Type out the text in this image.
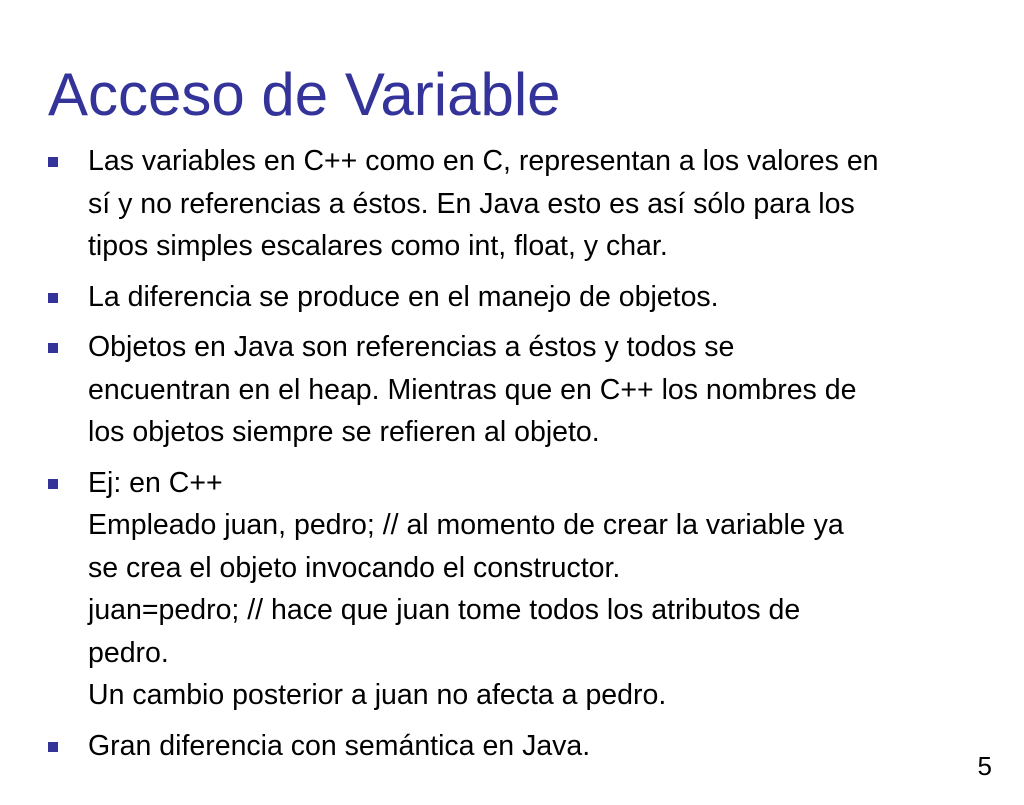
Acceso de Variable
Las variables en C++ como en C, representan a los valores en
sí y no referencias a éstos. En Java esto es así sólo para los
tipos simples escalares como int, float, y char.
La diferencia se produce en el manejo de objetos.
Objetos en Java son referencias a éstos y todos se
encuentran en el heap. Mientras que en C++ los nombres de
los objetos siempre se refieren al objeto.
Ej: en C++
Empleado juan, pedro; // al momento de crear la variable ya
se crea el objeto invocando el constructor.
juan=pedro; // hace que juan tome todos los atributos de
pedro.
Un cambio posterior a juan no afecta a pedro.
Gran diferencia con semántica en Java.
5
